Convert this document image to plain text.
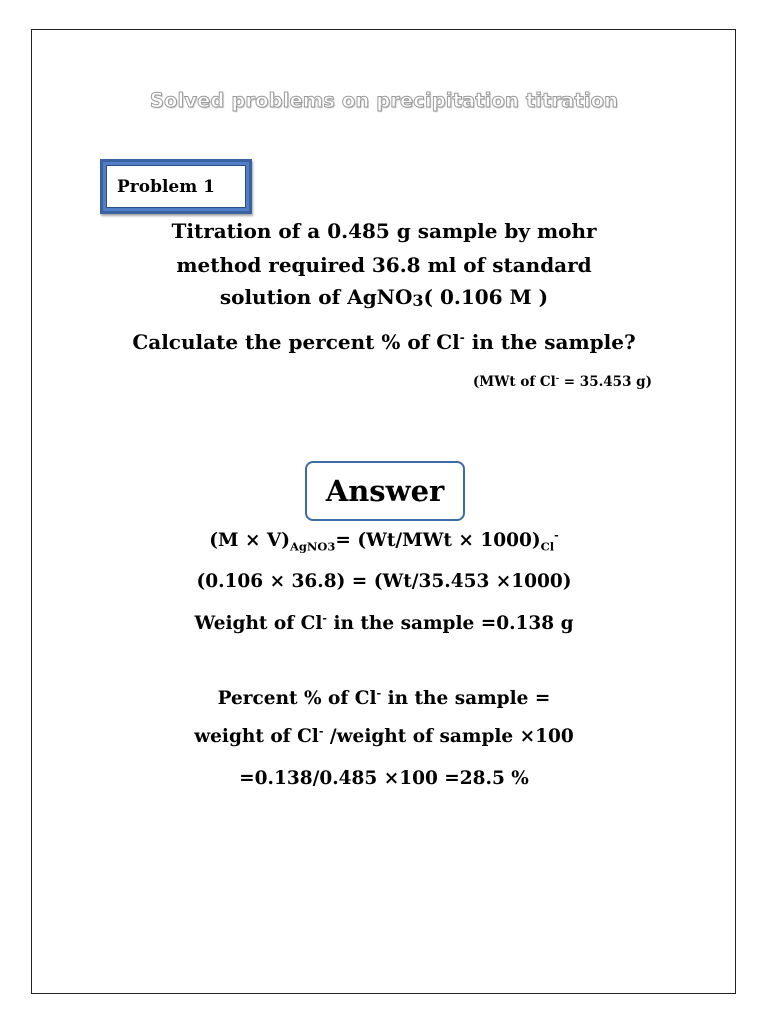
Solved problems on precipitation titration
Problem 1
Titration of a 0.485 g sample by mohr
method required 36.8 ml of standard
solution of AgNO$_3$( 0.106 M )
Calculate the percent % of Cl- in the sample?
(MWt of Cl- = 35.453 g)
Answer
$(M \times V)_{AgNO3}= (Wt/MWt \times 1000)_{Cl}^-$
(0.106 × 36.8) = (Wt/35.453 ×1000)
Weight of Cl- in the sample =0.138 g
Percent % of Cl- in the sample =
weight of Cl- /weight of sample ×100
=0.138/0.485 ×100 =28.5 %
